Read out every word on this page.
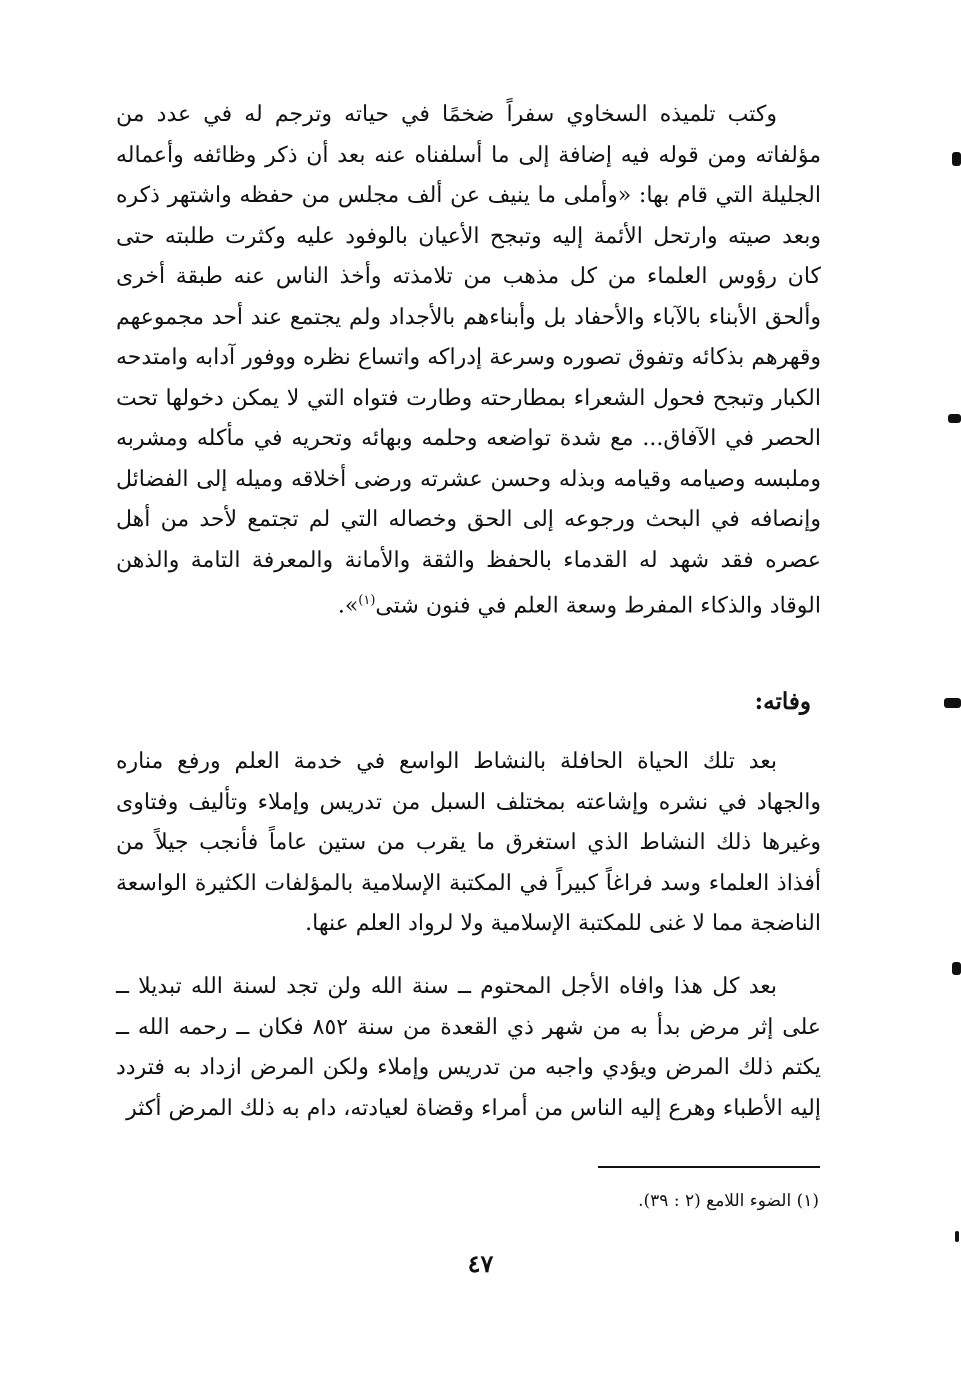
وكتب تلميذه السخاوي سفراً ضخمًا في حياته وترجم له في عدد من مؤلفاته ومن قوله فيه إضافة إلى ما أسلفناه عنه بعد أن ذكر وظائفه وأعماله الجليلة التي قام بها: «وأملى ما ينيف عن ألف مجلس من حفظه واشتهر ذكره وبعد صيته وارتحل الأئمة إليه وتبجح الأعيان بالوفود عليه وكثرت طلبته حتى كان رؤوس العلماء من كل مذهب من تلامذته وأخذ الناس عنه طبقة أخرى وألحق الأبناء بالآباء والأحفاد بل وأبناءهم بالأجداد ولم يجتمع عند أحد مجموعهم وقهرهم بذكائه وتفوق تصوره وسرعة إدراكه واتساع نظره ووفور آدابه وامتدحه الكبار وتبجح فحول الشعراء بمطارحته وطارت فتواه التي لا يمكن دخولها تحت الحصر في الآفاق... مع شدة تواضعه وحلمه وبهائه وتحريه في مأكله ومشربه وملبسه وصيامه وقيامه وبذله وحسن عشرته ورضى أخلاقه وميله إلى الفضائل وإنصافه في البحث ورجوعه إلى الحق وخصاله التي لم تجتمع لأحد من أهل عصره فقد شهد له القدماء بالحفظ والثقة والأمانة والمعرفة التامة والذهن الوقاد والذكاء المفرط وسعة العلم في فنون شتى$^{(١)}$».
وفاته:
بعد تلك الحياة الحافلة بالنشاط الواسع في خدمة العلم ورفع مناره والجهاد في نشره وإشاعته بمختلف السبل من تدريس وإملاء وتأليف وفتاوى وغيرها ذلك النشاط الذي استغرق ما يقرب من ستين عاماً فأنجب جيلاً من أفذاذ العلماء وسد فراغاً كبيراً في المكتبة الإسلامية بالمؤلفات الكثيرة الواسعة الناضجة مما لا غنى للمكتبة الإسلامية ولا لرواد العلم عنها.
بعد كل هذا وافاه الأجل المحتوم ــ سنة الله ولن تجد لسنة الله تبديلا ــ على إثر مرض بدأ به من شهر ذي القعدة من سنة ٨٥٢ فكان ــ رحمه الله ــ يكتم ذلك المرض ويؤدي واجبه من تدريس وإملاء ولكن المرض ازداد به فتردد إليه الأطباء وهرع إليه الناس من أمراء وقضاة لعيادته، دام به ذلك المرض أكثر
(١) الضوء اللامع (٢ : ٣٩).
٤٧
